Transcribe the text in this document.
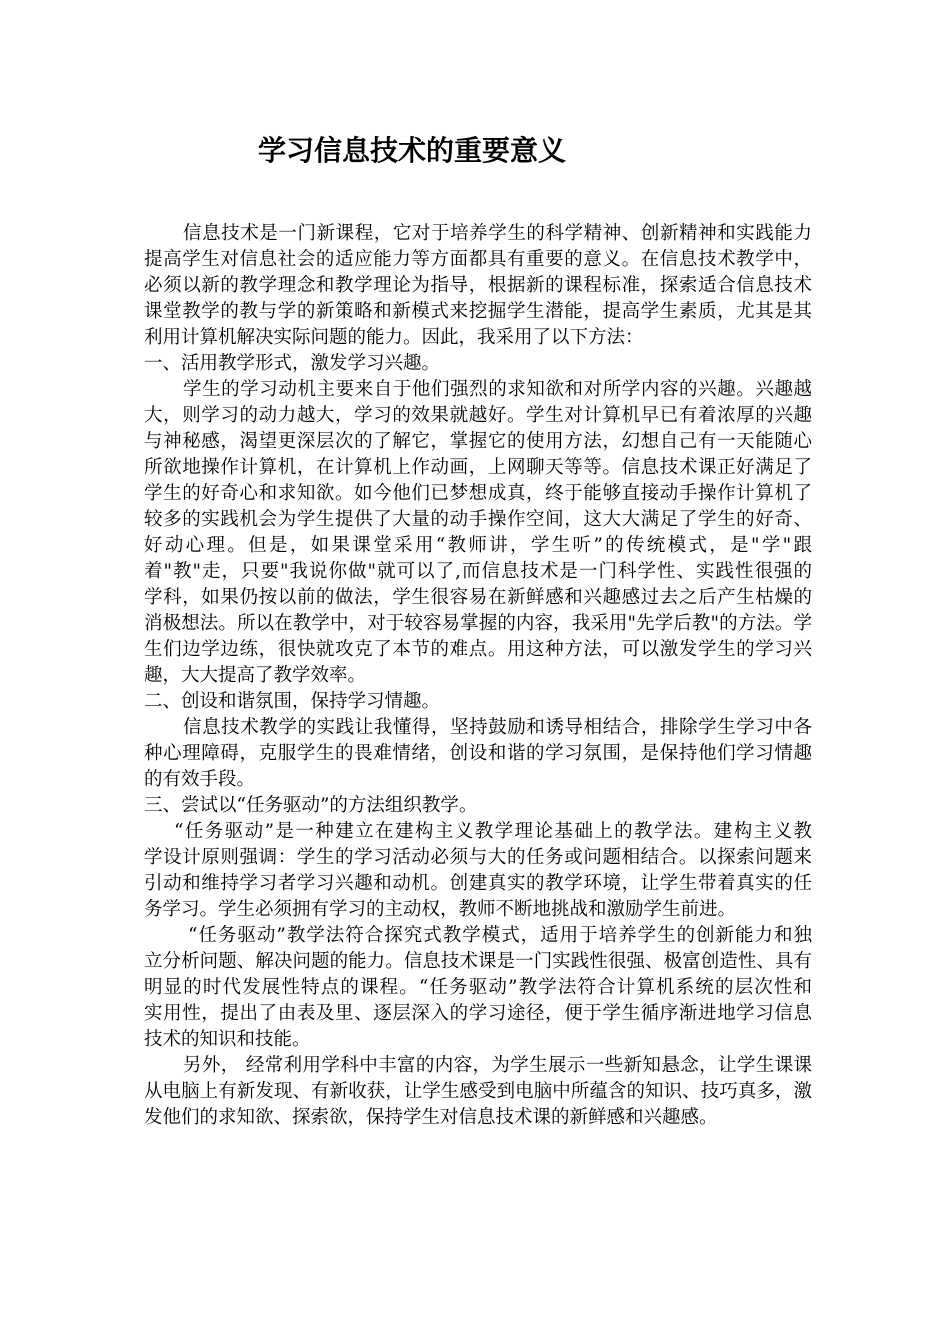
学习信息技术的重要意义
信息技术是一门新课程，它对于培养学生的科学精神、创新精神和实践能力
提高学生对信息社会的适应能力等方面都具有重要的意义。在信息技术教学中，
必须以新的教学理念和教学理论为指导，根据新的课程标准，探索适合信息技术
课堂教学的教与学的新策略和新模式来挖掘学生潜能，提高学生素质，尤其是其
利用计算机解决实际问题的能力。因此，我采用了以下方法：
一、活用教学形式，激发学习兴趣。
学生的学习动机主要来自于他们强烈的求知欲和对所学内容的兴趣。兴趣越
大，则学习的动力越大，学习的效果就越好。学生对计算机早已有着浓厚的兴趣
与神秘感，渴望更深层次的了解它，掌握它的使用方法，幻想自己有一天能随心
所欲地操作计算机，在计算机上作动画，上网聊天等等。信息技术课正好满足了
学生的好奇心和求知欲。如今他们已梦想成真，终于能够直接动手操作计算机了
较多的实践机会为学生提供了大量的动手操作空间，这大大满足了学生的好奇、
好动心理。但是，如果课堂采用“教师讲，学生听”的传统模式，是"学"跟
着"教"走，只要"我说你做"就可以了,而信息技术是一门科学性、实践性很强的
学科，如果仍按以前的做法，学生很容易在新鲜感和兴趣感过去之后产生枯燥的
消极想法。所以在教学中，对于较容易掌握的内容，我采用"先学后教"的方法。学
生们边学边练，很快就攻克了本节的难点。用这种方法，可以激发学生的学习兴
趣，大大提高了教学效率。
二、创设和谐氛围，保持学习情趣。
信息技术教学的实践让我懂得，坚持鼓励和诱导相结合，排除学生学习中各
种心理障碍，克服学生的畏难情绪，创设和谐的学习氛围，是保持他们学习情趣
的有效手段。
三、尝试以“任务驱动”的方法组织教学。
“任务驱动”是一种建立在建构主义教学理论基础上的教学法。建构主义教
学设计原则强调：学生的学习活动必须与大的任务或问题相结合。以探索问题来
引动和维持学习者学习兴趣和动机。创建真实的教学环境，让学生带着真实的任
务学习。学生必须拥有学习的主动权，教师不断地挑战和激励学生前进。
“任务驱动”教学法符合探究式教学模式，适用于培养学生的创新能力和独
立分析问题、解决问题的能力。信息技术课是一门实践性很强、极富创造性、具有
明显的时代发展性特点的课程。“任务驱动”教学法符合计算机系统的层次性和
实用性，提出了由表及里、逐层深入的学习途径，便于学生循序渐进地学习信息
技术的知识和技能。
另外， 经常利用学科中丰富的内容，为学生展示一些新知悬念，让学生课课
从电脑上有新发现、有新收获，让学生感受到电脑中所蕴含的知识、技巧真多，激
发他们的求知欲、探索欲，保持学生对信息技术课的新鲜感和兴趣感。
